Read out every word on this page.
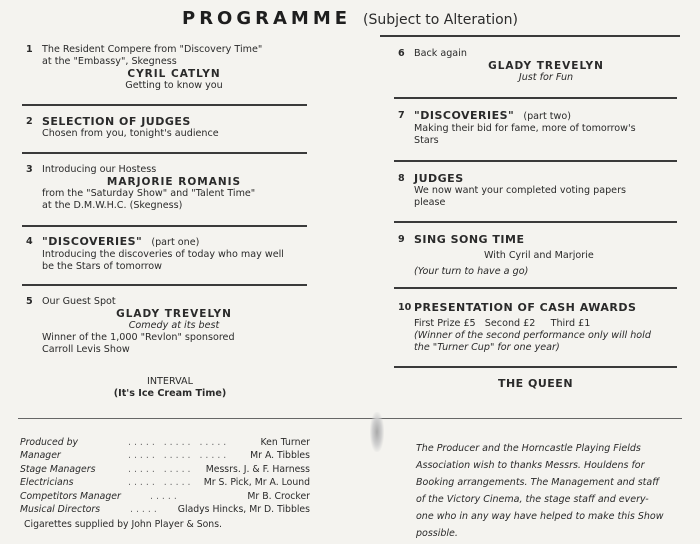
PROGRAMME (Subject to Alteration)
1 The Resident Compere from "Discovery Time"
at the "Embassy", Skegness
CYRIL CATLYN
Getting to know you
2 SELECTION OF JUDGES
Chosen from you, tonight's audience
3 Introducing our Hostess
MARJORIE ROMANIS
from the "Saturday Show" and "Talent Time"
at the D.M.W.H.C. (Skegness)
4 "DISCOVERIES" (part one)
Introducing the discoveries of today who may well
be the Stars of tomorrow
5 Our Guest Spot
GLADY TREVELYN
Comedy at its best
Winner of the 1,000 "Revlon" sponsored
Carroll Levis Show
INTERVAL
(It's Ice Cream Time)
6 Back again
GLADY TREVELYN
Just for Fun
7 "DISCOVERIES" (part two)
Making their bid for fame, more of tomorrow's
Stars
8 JUDGES
We now want your completed voting papers
please
9 SING SONG TIME
With Cyril and Marjorie
(Your turn to have a go)
10 PRESENTATION OF CASH AWARDS
First Prize £5   Second £2     Third £1
(Winner of the second performance only will hold
the "Turner Cup" for one year)
THE QUEEN
Produced by	..... ..... .....	Ken Turner
Manager	..... ..... ..... Mr A. Tibbles
Stage Managers	..... ..... Messrs. J. & F. Harness
Electricians	..... ..... Mr S. Pick, Mr A. Lound
Competitors Manager	.....	Mr B. Crocker
Musical Directors	..... Gladys Hincks, Mr D. Tibbles
Cigarettes supplied by John Player & Sons.
The Producer and the Horncastle Playing Fields
Association wish to thanks Messrs. Houldens for
Booking arrangements. The Management and staff
of the Victory Cinema, the stage staff and every-
one who in any way have helped to make this Show
possible.
